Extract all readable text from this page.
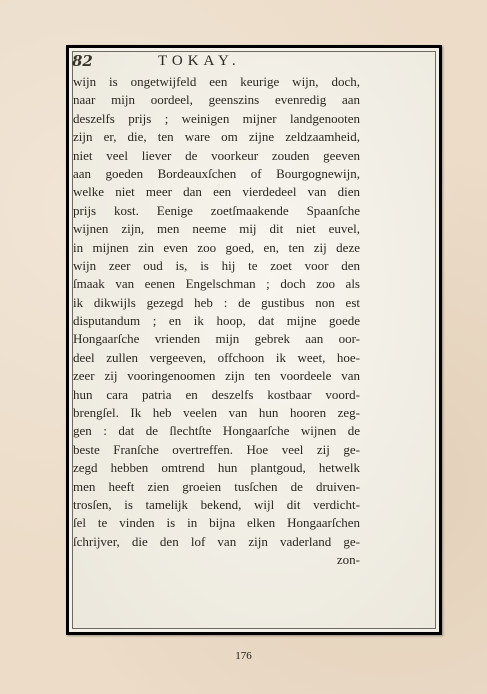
82	TOKAY.
wijn is ongetwijfeld een keurige wijn, doch,
naar mijn oordeel, geenszins evenredig aan
deszelfs prijs ; weinigen mijner landgenooten
zijn er, die, ten ware om zijne zeldzaamheid,
niet veel liever de voorkeur zouden geeven
aan goeden Bordeauxſchen of Bourgognewijn,
welke niet meer dan een vierdedeel van dien
prijs kost. Eenige zoetſmaakende Spaanſche
wijnen zijn, men neeme mij dit niet euvel,
in mijnen zin even zoo goed, en, ten zij deze
wijn zeer oud is, is hij te zoet voor den
ſmaak van eenen Engelschman ; doch zoo als
ik dikwijls gezegd heb : de gustibus non est
disputandum ; en ik hoop, dat mijne goede
Hongaarſche vrienden mijn gebrek aan oor-
deel zullen vergeeven, offchoon ik weet, hoe-
zeer zij vooringenoomen zijn ten voordeele van
hun cara patria en deszelfs kostbaar voord-
brengſel. Ik heb veelen van hun hooren zeg-
gen : dat de ſlechtſte Hongaarſche wijnen de
beste Franſche overtreffen. Hoe veel zij ge-
zegd hebben omtrend hun plantgoud, hetwelk
men heeft zien groeien tusſchen de druiven-
trosſen, is tamelijk bekend, wijl dit verdicht-
ſel te vinden is in bijna elken Hongaarſchen
ſchrijver, die den lof van zijn vaderland ge-
zon-
176
